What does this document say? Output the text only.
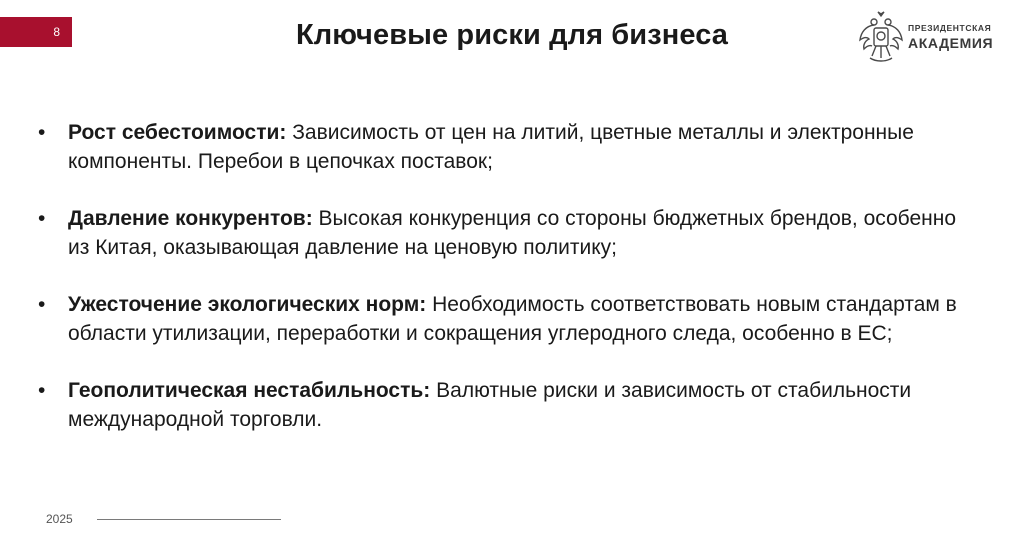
8	Ключевые риски для бизнеса	ПРЕЗИДЕНТСКАЯ
АКАДЕМИЯ
• Рост себестоимости: Зависимость от цен на литий, цветные металлы и электронные компоненты. Перебои в цепочках поставок;
• Давление конкурентов: Высокая конкуренция со стороны бюджетных брендов, особенно из Китая, оказывающая давление на ценовую политику;
• Ужесточение экологических норм: Необходимость соответствовать новым стандартам в области утилизации, переработки и сокращения углеродного следа, особенно в ЕС;
• Геополитическая нестабильность: Валютные риски и зависимость от стабильности международной торговли.
2025
